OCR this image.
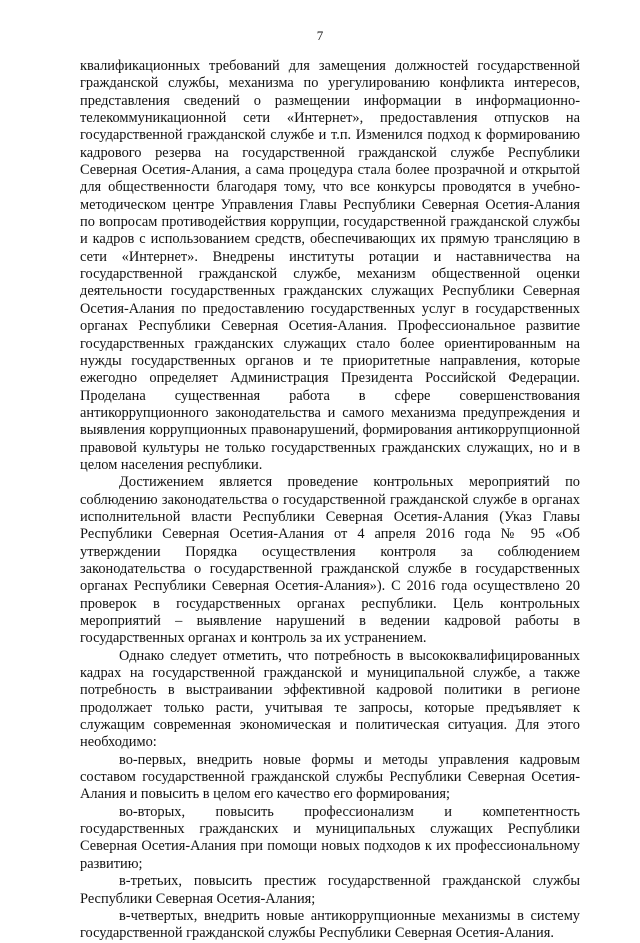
7

квалификационных требований для замещения должностей государственной гражданской службы, механизма по урегулированию конфликта интересов, представления сведений о размещении информации в информационно-телекоммуникационной сети «Интернет», предоставления отпусков на государственной гражданской службе и т.п. Изменился подход к формированию кадрового резерва на государственной гражданской службе Республики Северная Осетия-Алания, а сама процедура стала более прозрачной и открытой для общественности благодаря тому, что все конкурсы проводятся в учебно-методическом центре Управления Главы Республики Северная Осетия-Алания по вопросам противодействия коррупции, государственной гражданской службы и кадров с использованием средств, обеспечивающих их прямую трансляцию в сети «Интернет». Внедрены институты ротации и наставничества на государственной гражданской службе, механизм общественной оценки деятельности государственных гражданских служащих Республики Северная Осетия-Алания по предоставлению государственных услуг в государственных органах Республики Северная Осетия-Алания. Профессиональное развитие государственных гражданских служащих стало более ориентированным на нужды государственных органов и те приоритетные направления, которые ежегодно определяет Администрация Президента Российской Федерации. Проделана существенная работа в сфере совершенствования антикоррупционного законодательства и самого механизма предупреждения и выявления коррупционных правонарушений, формирования антикоррупционной правовой культуры не только государственных гражданских служащих, но и в целом населения республики.

Достижением является проведение контрольных мероприятий по соблюдению законодательства о государственной гражданской службе в органах исполнительной власти Республики Северная Осетия-Алания (Указ Главы Республики Северная Осетия-Алания от 4 апреля 2016 года № 95 «Об утверждении Порядка осуществления контроля за соблюдением законодательства о государственной гражданской службе в государственных органах Республики Северная Осетия-Алания»). С 2016 года осуществлено 20 проверок в государственных органах республики. Цель контрольных мероприятий – выявление нарушений в ведении кадровой работы в государственных органах и контроль за их устранением.

Однако следует отметить, что потребность в высококвалифицированных кадрах на государственной гражданской и муниципальной службе, а также потребность в выстраивании эффективной кадровой политики в регионе продолжает только расти, учитывая те запросы, которые предъявляет к служащим современная экономическая и политическая ситуация. Для этого необходимо:

во-первых, внедрить новые формы и методы управления кадровым составом государственной гражданской службы Республики Северная Осетия-Алания и повысить в целом его качество его формирования;

во-вторых, повысить профессионализм и компетентность государственных гражданских и муниципальных служащих Республики Северная Осетия-Алания при помощи новых подходов к их профессиональному развитию;

в-третьих, повысить престиж государственной гражданской службы Республики Северная Осетия-Алания;

в-четвертых, внедрить новые антикоррупционные механизмы в систему государственной гражданской службы Республики Северная Осетия-Алания.
